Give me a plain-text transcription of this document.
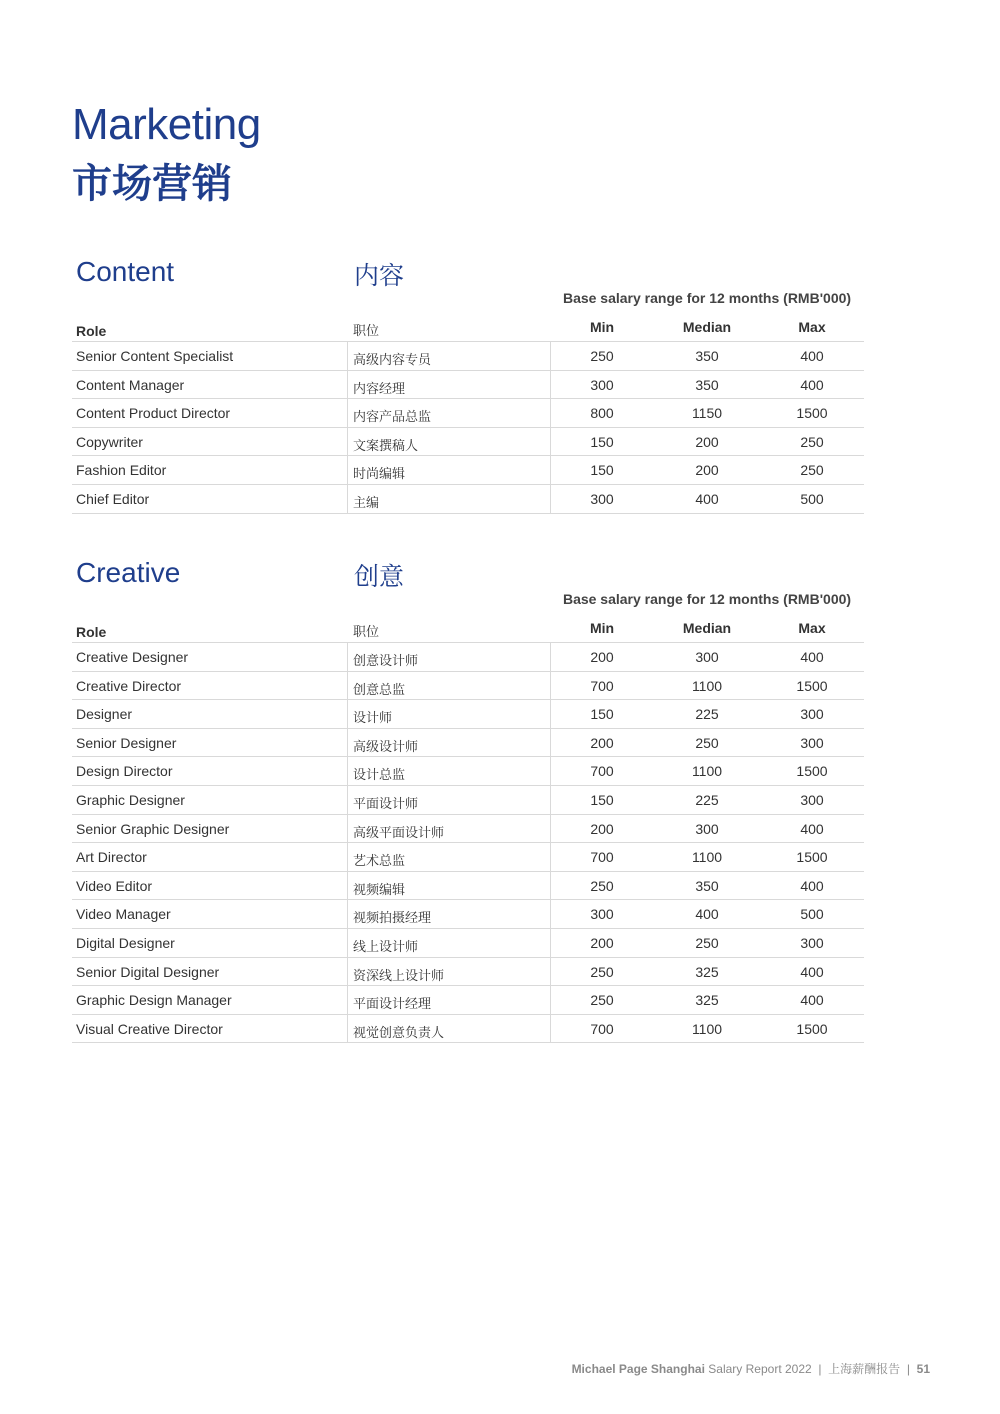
Marketing
市场营销
Content	内容
Base salary range for 12 months (RMB'000)
Role	职位	Min	Median	Max
Senior Content Specialist	高级内容专员	250	350	400
Content Manager	内容经理	300	350	400
Content Product Director	内容产品总监	800	1150	1500
Copywriter	文案撰稿人	150	200	250
Fashion Editor	时尚编辑	150	200	250
Chief Editor	主编	300	400	500
Creative	创意
Base salary range for 12 months (RMB'000)
Role	职位	Min	Median	Max
Creative Designer	创意设计师	200	300	400
Creative Director	创意总监	700	1100	1500
Designer	设计师	150	225	300
Senior Designer	高级设计师	200	250	300
Design Director	设计总监	700	1100	1500
Graphic Designer	平面设计师	150	225	300
Senior Graphic Designer	高级平面设计师	200	300	400
Art Director	艺术总监	700	1100	1500
Video Editor	视频编辑	250	350	400
Video Manager	视频拍摄经理	300	400	500
Digital Designer	线上设计师	200	250	300
Senior Digital Designer	资深线上设计师	250	325	400
Graphic Design Manager	平面设计经理	250	325	400
Visual Creative Director	视觉创意负责人	700	1100	1500
Michael Page Shanghai Salary Report 2022 | 上海薪酬报告 | 51
